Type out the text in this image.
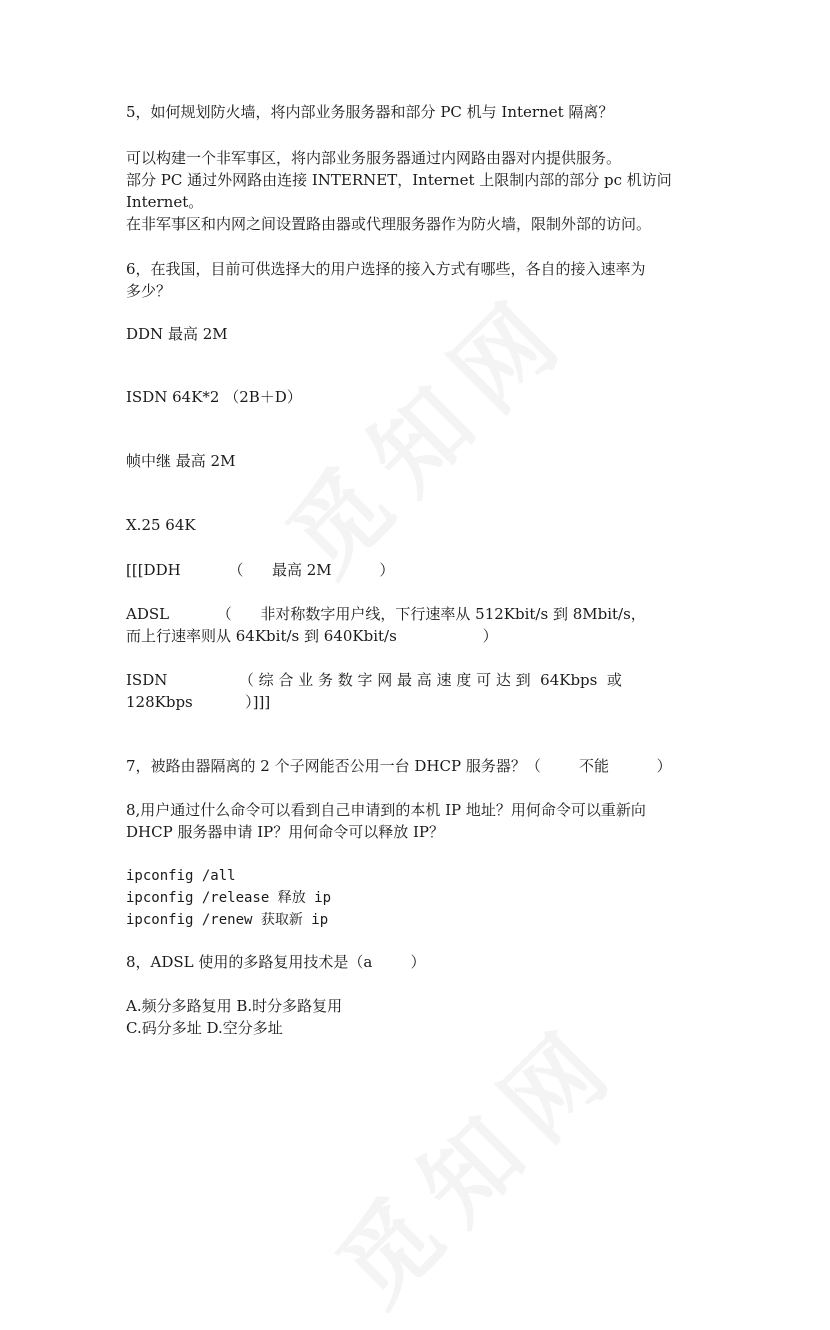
5，如何规划防火墙，将内部业务服务器和部分 PC 机与 Internet 隔离？

可以构建一个非军事区，将内部业务服务器通过内网路由器对内提供服务。

部分 PC 通过外网路由连接 INTERNET，Internet 上限制内部的部分 pc 机访问

Internet。

在非军事区和内网之间设置路由器或代理服务器作为防火墙，限制外部的访问。

6，在我国，目前可供选择大的用户选择的接入方式有哪些，各自的接入速率为

多少？

DDN 最高 2M

ISDN 64K*2 （2B＋D）

帧中继 最高 2M

X.25 64K

[[[DDH          （      最高 2M          ）

ADSL          （      非对称数字用户线，下行速率从 512Kbit/s 到 8Mbit/s，

而上行速率则从 64Kbit/s 到 640Kbit/s                  ）

ISDN               （ 综 合 业 务 数 字 网 最 高 速 度 可 达 到  64Kbps  或

128Kbps           ）]]]

7，被路由器隔离的 2 个子网能否公用一台 DHCP 服务器？（        不能          ）

8,用户通过什么命令可以看到自己申请到的本机 IP 地址？用何命令可以重新向

DHCP 服务器申请 IP？用何命令可以释放 IP？

ipconfig /all

ipconfig /release 释放 ip

ipconfig /renew 获取新 ip

8，ADSL 使用的多路复用技术是（a        ）

A.频分多路复用 B.时分多路复用

C.码分多址 D.空分多址
